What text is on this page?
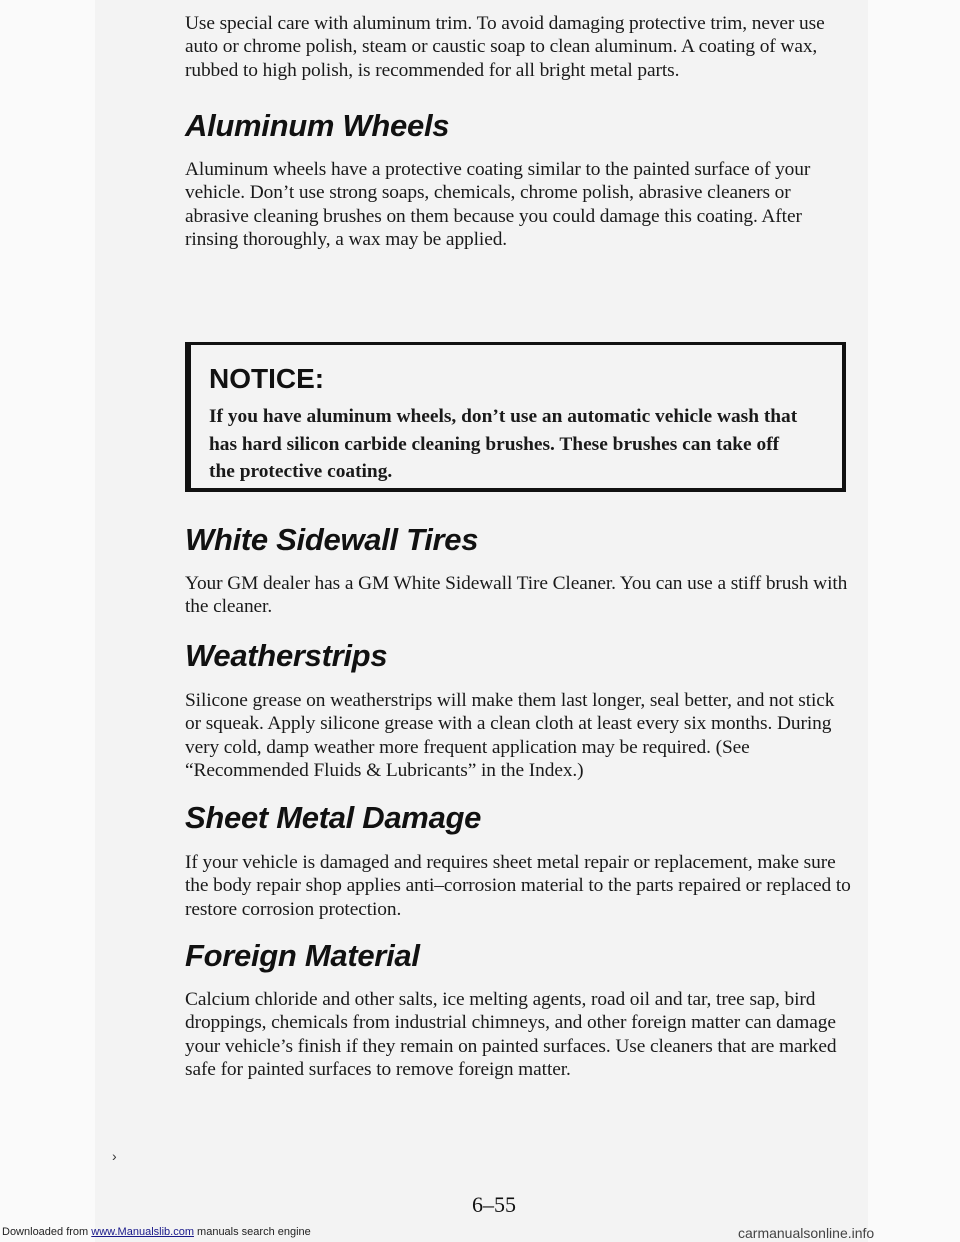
Use special care with aluminum trim. To avoid damaging protective trim, never use auto or chrome polish, steam or caustic soap to clean aluminum. A coating of wax, rubbed to high polish, is recommended for all bright metal parts.

Aluminum Wheels

Aluminum wheels have a protective coating similar to the painted surface of your vehicle. Don’t use strong soaps, chemicals, chrome polish, abrasive cleaners or abrasive cleaning brushes on them because you could damage this coating. After rinsing thoroughly, a wax may be applied.

NOTICE:

If you have aluminum wheels, don’t use an automatic vehicle wash that has hard silicon carbide cleaning brushes. These brushes can take off the protective coating.

White Sidewall Tires

Your GM dealer has a GM White Sidewall Tire Cleaner. You can use a stiff brush with the cleaner.

Weatherstrips

Silicone grease on weatherstrips will make them last longer, seal better, and not stick or squeak. Apply silicone grease with a clean cloth at least every six months. During very cold, damp weather more frequent application may be required. (See “Recommended Fluids & Lubricants” in the Index.)

Sheet Metal Damage

If your vehicle is damaged and requires sheet metal repair or replacement, make sure the body repair shop applies anti–corrosion material to the parts repaired or replaced to restore corrosion protection.

Foreign Material

Calcium chloride and other salts, ice melting agents, road oil and tar, tree sap, bird droppings, chemicals from industrial chimneys, and other foreign matter can damage your vehicle’s finish if they remain on painted surfaces. Use cleaners that are marked safe for painted surfaces to remove foreign matter.

›
6–55
Downloaded from www.Manualslib.com manuals search engine	carmanualsonline.info
